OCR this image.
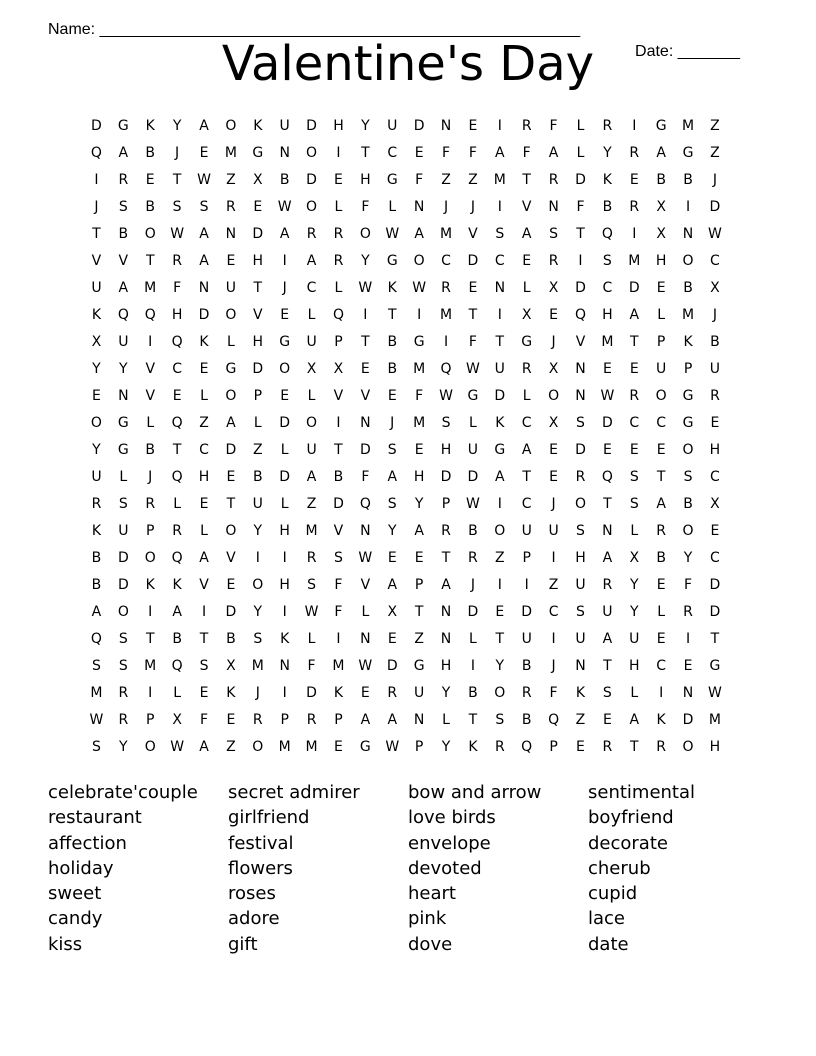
Name: ______________________________________________________

Date: _______

Valentine's Day
D	G	K	Y	A	O	K	U	D	H	Y	U	D	N	E	I	R	F	L	R	I	G	M	Z
Q	A	B	J	E	M	G	N	O	I	T	C	E	F	F	A	F	A	L	Y	R	A	G	Z
I	R	E	T	W	Z	X	B	D	E	H	G	F	Z	Z	M	T	R	D	K	E	B	B	J
J	S	B	S	S	R	E	W	O	L	F	L	N	J	J	I	V	N	F	B	R	X	I	D
T	B	O	W	A	N	D	A	R	R	O	W	A	M	V	S	A	S	T	Q	I	X	N	W
V	V	T	R	A	E	H	I	A	R	Y	G	O	C	D	C	E	R	I	S	M	H	O	C
U	A	M	F	N	U	T	J	C	L	W	K	W	R	E	N	L	X	D	C	D	E	B	X
K	Q	Q	H	D	O	V	E	L	Q	I	T	I	M	T	I	X	E	Q	H	A	L	M	J
X	U	I	Q	K	L	H	G	U	P	T	B	G	I	F	T	G	J	V	M	T	P	K	B
Y	Y	V	C	E	G	D	O	X	X	E	B	M	Q	W	U	R	X	N	E	E	U	P	U
E	N	V	E	L	O	P	E	L	V	V	E	F	W	G	D	L	O	N	W	R	O	G	R
O	G	L	Q	Z	A	L	D	O	I	N	J	M	S	L	K	C	X	S	D	C	C	G	E
Y	G	B	T	C	D	Z	L	U	T	D	S	E	H	U	G	A	E	D	E	E	E	O	H
U	L	J	Q	H	E	B	D	A	B	F	A	H	D	D	A	T	E	R	Q	S	T	S	C
R	S	R	L	E	T	U	L	Z	D	Q	S	Y	P	W	I	C	J	O	T	S	A	B	X
K	U	P	R	L	O	Y	H	M	V	N	Y	A	R	B	O	U	U	S	N	L	R	O	E
B	D	O	Q	A	V	I	I	R	S	W	E	E	T	R	Z	P	I	H	A	X	B	Y	C
B	D	K	K	V	E	O	H	S	F	V	A	P	A	J	I	I	Z	U	R	Y	E	F	D
A	O	I	A	I	D	Y	I	W	F	L	X	T	N	D	E	D	C	S	U	Y	L	R	D
Q	S	T	B	T	B	S	K	L	I	N	E	Z	N	L	T	U	I	U	A	U	E	I	T
S	S	M	Q	S	X	M	N	F	M W	D	G	H	I	Y	B	J	N	T	H	C	E	G
M	R	I	L	E	K	J	I	D	K	E	R	U	Y	B	O	R	F	K	S	L	I	N	W
W	R	P	X	F	E	R	P	R	P	A	A	N	L	T	S	B	Q	Z	E	A	K	D	M
S	Y	O	W	A	Z	O	M	M	E	G	W	P	Y	K	R	Q	P	E	R	T	R	O	H
celebrate'couple
restaurant
affection
holiday
sweet
candy
kiss
secret admirer
girlfriend
festival
flowers
roses
adore
gift
bow and arrow
love birds
envelope
devoted
heart
pink
dove
sentimental
boyfriend
decorate
cherub
cupid
lace
date
